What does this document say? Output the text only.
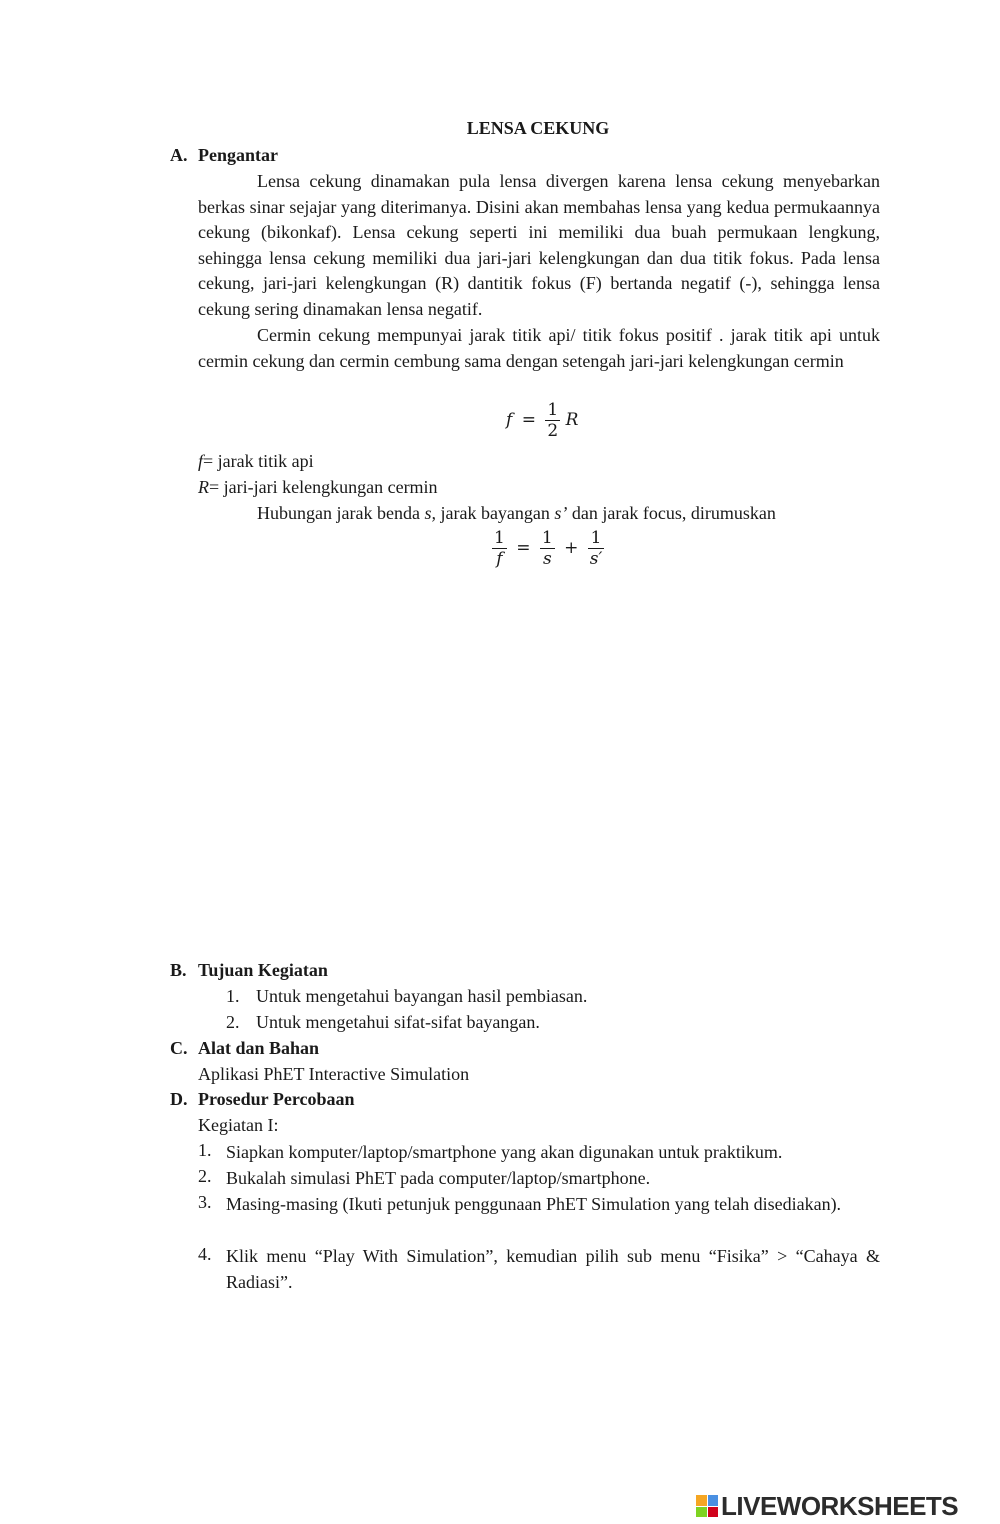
LENSA CEKUNG
A. Pengantar
Lensa cekung dinamakan pula lensa divergen karena lensa cekung menyebarkan berkas sinar sejajar yang diterimanya. Disini akan membahas lensa yang kedua permukaannya cekung (bikonkaf). Lensa cekung seperti ini memiliki dua buah permukaan lengkung, sehingga lensa cekung memiliki dua jari-jari kelengkungan dan dua titik fokus. Pada lensa cekung, jari-jari kelengkungan (R) dantitik fokus (F) bertanda negatif (-), sehingga lensa cekung sering dinamakan lensa negatif.
Cermin cekung mempunyai jarak titik api/ titik fokus positif . jarak titik api untuk cermin cekung dan cermin cembung sama dengan setengah jari-jari kelengkungan cermin
$f = \frac{1}{2}$ R
f= jarak titik api
R= jari-jari kelengkungan cermin
Hubungan jarak benda s, jarak bayangan s’ dan jarak focus, dirumuskan
$\frac{1}{f} = \frac{1}{s} + \frac{1}{s'}$
B. Tujuan Kegiatan
1. Untuk mengetahui bayangan hasil pembiasan.
2. Untuk mengetahui sifat-sifat bayangan.
C. Alat dan Bahan
Aplikasi PhET Interactive Simulation
D. Prosedur Percobaan
Kegiatan I:
1. Siapkan komputer/laptop/smartphone yang akan digunakan untuk praktikum.
2. Bukalah simulasi PhET pada computer/laptop/smartphone.
3. Masing-masing (Ikuti petunjuk penggunaan PhET Simulation yang telah disediakan).
4. Klik menu “Play With Simulation”, kemudian pilih sub menu “Fisika” > “Cahaya & Radiasi”.
LIVEWORKSHEETS
